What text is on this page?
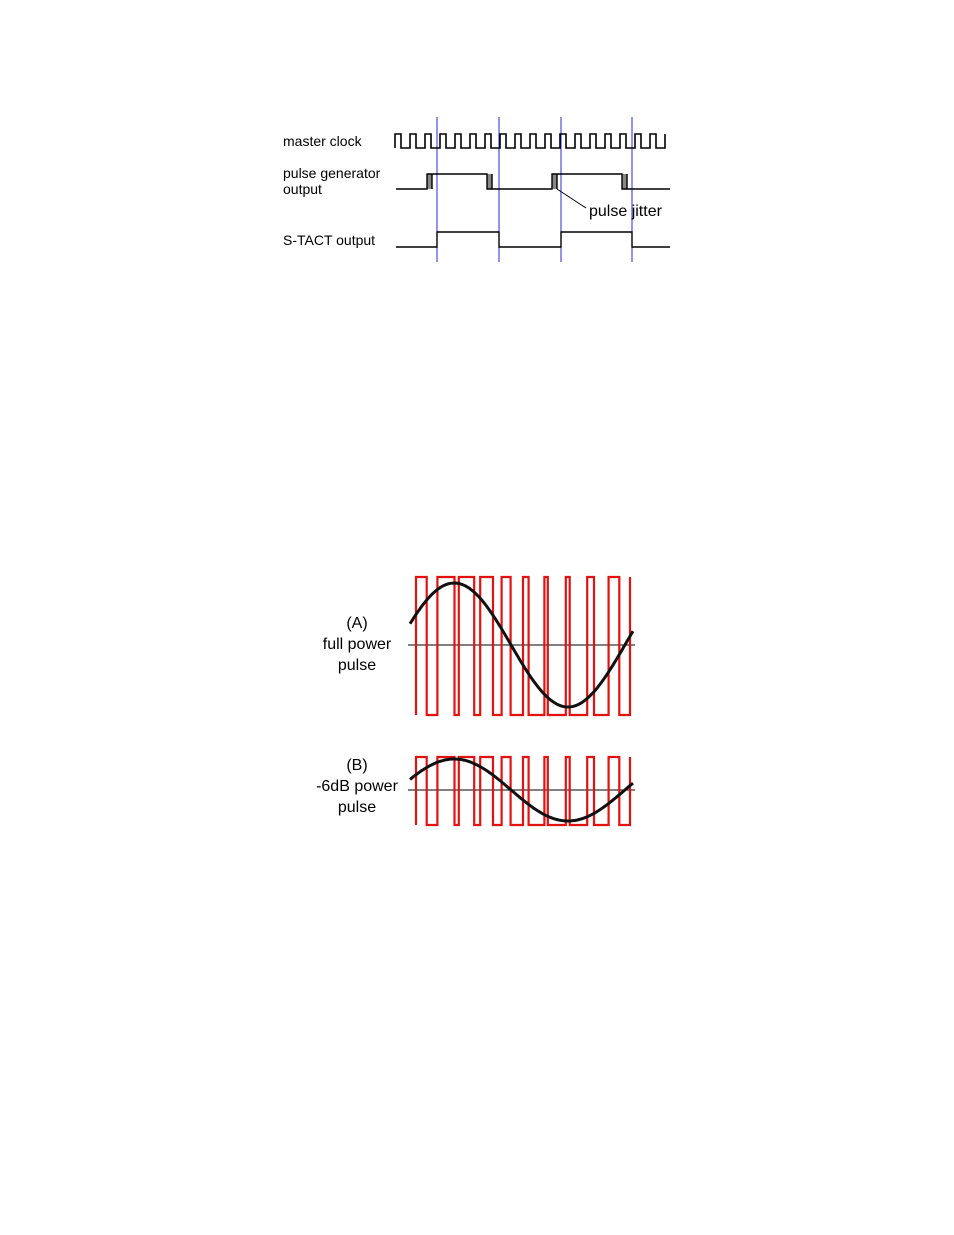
master clock
pulse generator
output
S-TACT output
pulse jitter
(A)
full power
pulse
(B)
-6dB power
pulse
